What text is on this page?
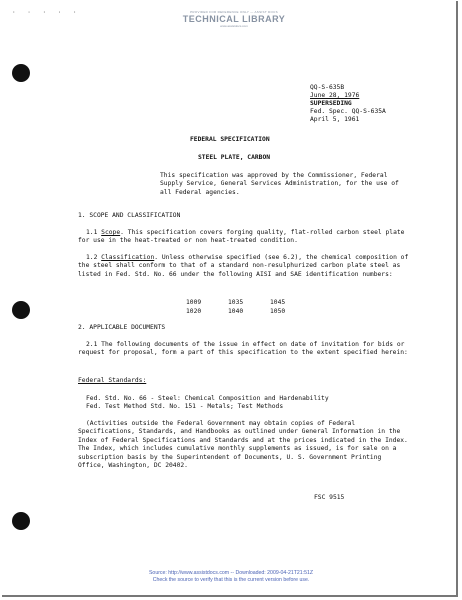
· · · · ·	PROVIDED FOR REFERENCE ONLY — ASSIST DOCS
TECHNICAL LIBRARY
www.assistdocs.com
QQ-S-635B
June 28, 1976
SUPERSEDING
Fed. Spec. QQ-S-635A
April 5, 1961
FEDERAL SPECIFICATION
STEEL PLATE, CARBON
This specification was approved by the Commissioner, Federal Supply Service, General Services Administration, for the use of all Federal agencies.
1. SCOPE AND CLASSIFICATION
1.1 Scope. This specification covers forging quality, flat-rolled carbon steel plate for use in the heat-treated or non heat-treated condition.
1.2 Classification. Unless otherwise specified (see 6.2), the chemical composition of the steel shall conform to that of a standard non-resulphurized carbon plate steel as listed in Fed. Std. No. 66 under the following AISI and SAE identification numbers:
1009	1035	1045
1020	1040	1050
2. APPLICABLE DOCUMENTS
2.1 The following documents of the issue in effect on date of invitation for bids or request for proposal, form a part of this specification to the extent specified herein:
Federal Standards:
Fed. Std. No. 66 - Steel: Chemical Composition and Hardenability
Fed. Test Method Std. No. 151 - Metals; Test Methods
(Activities outside the Federal Government may obtain copies of Federal Specifications, Standards, and Handbooks as outlined under General Information in the Index of Federal Specifications and Standards and at the prices indicated in the Index. The Index, which includes cumulative monthly supplements as issued, is for sale on a subscription basis by the Superintendent of Documents, U. S. Government Printing Office, Washington, DC 20402.
FSC 9515
Source: http://www.assistdocs.com -- Downloaded: 2009-04-21T21:51Z
Check the source to verify that this is the current version before use.
